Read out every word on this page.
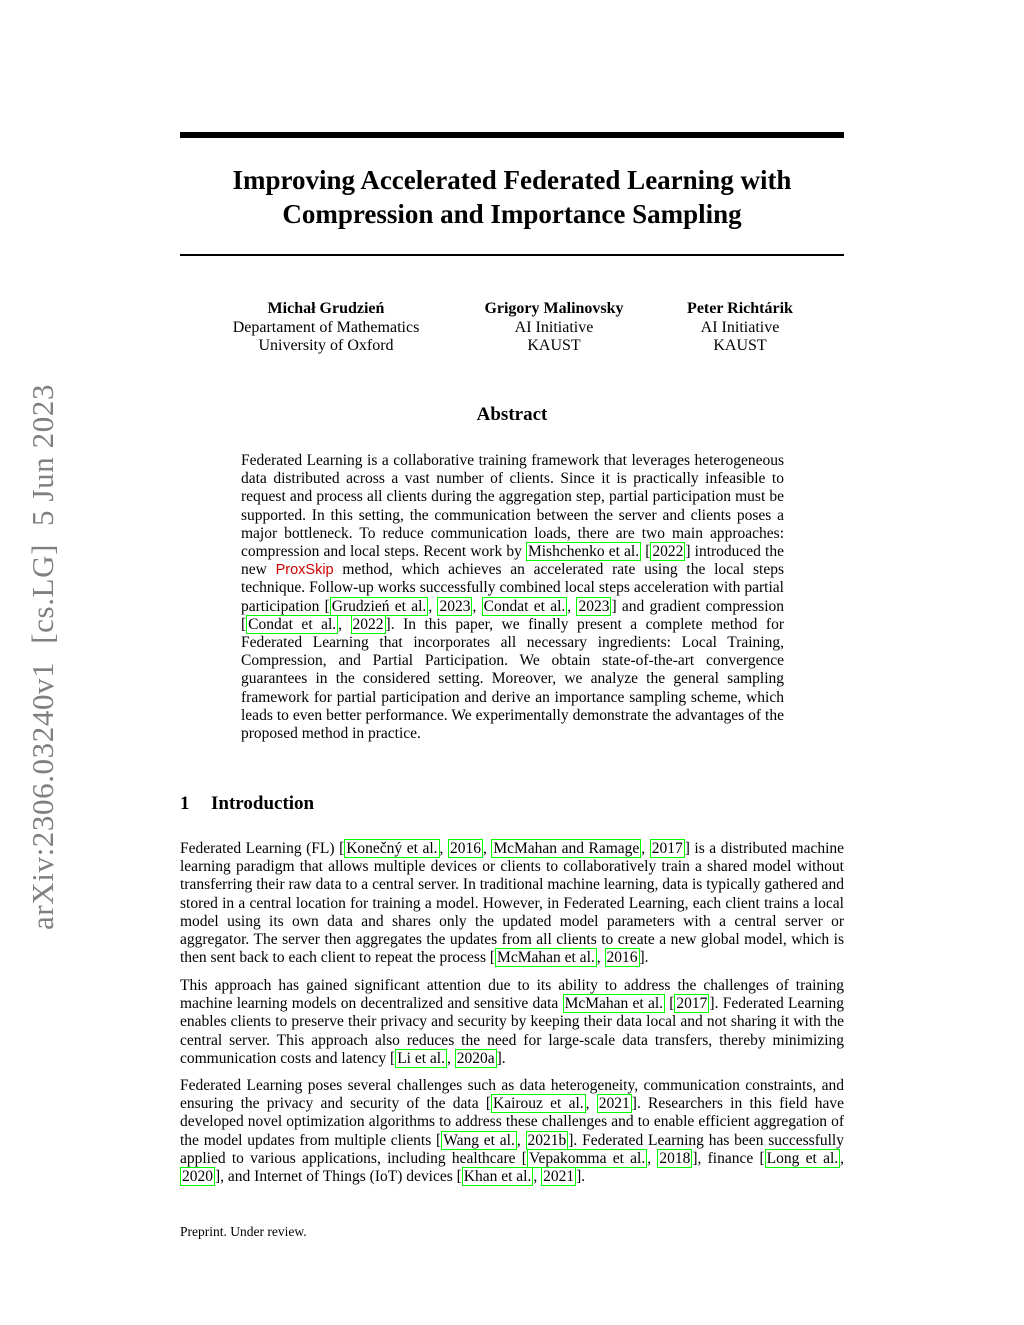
arXiv:2306.03240v1[cs.LG]5 Jun 2023
Improving Accelerated Federated Learning with
Compression and Importance Sampling
Michał Grudzień
Departament of Mathematics
University of Oxford
Grigory Malinovsky
AI Initiative
KAUST
Peter Richtárik
AI Initiative
KAUST
Abstract

Federated Learning is a collaborative training framework that leverages heterogeneous data distributed across a vast number of clients. Since it is practically infeasible to request and process all clients during the aggregation step, partial participation must be supported. In this setting, the communication between the server and clients poses a major bottleneck. To reduce communication loads, there are two main approaches: compression and local steps. Recent work by Mishchenko et al. [ 2022 ] introduced the new ProxSkip method, which achieves an accelerated rate using the local steps technique. Follow-up works successfully combined local steps acceleration with partial participation [ Grudzień et al. , 2023 , Condat et al. , 2023 ] and gradient compression [ Condat et al. , 2022 ]. In this paper, we finally present a complete method for Federated Learning that incorporates all necessary ingredients: Local Training, Compression, and Partial Participation. We obtain state-of-the-art convergence guarantees in the considered setting. Moreover, we analyze the general sampling framework for partial participation and derive an importance sampling scheme, which leads to even better performance. We experimentally demonstrate the advantages of the proposed method in practice.

1 Introduction

Federated Learning (FL) [ Konečný et al. , 2016 , McMahan and Ramage , 2017 ] is a distributed machine learning paradigm that allows multiple devices or clients to collaboratively train a shared model without transferring their raw data to a central server. In traditional machine learning, data is typically gathered and stored in a central location for training a model. However, in Federated Learning, each client trains a local model using its own data and shares only the updated model parameters with a central server or aggregator. The server then aggregates the updates from all clients to create a new global model, which is then sent back to each client to repeat the process [ McMahan et al. , 2016 ].

This approach has gained significant attention due to its ability to address the challenges of training machine learning models on decentralized and sensitive data McMahan et al. [ 2017 ]. Federated Learning enables clients to preserve their privacy and security by keeping their data local and not sharing it with the central server. This approach also reduces the need for large-scale data transfers, thereby minimizing communication costs and latency [ Li et al. , 2020a ].

Federated Learning poses several challenges such as data heterogeneity, communication constraints, and ensuring the privacy and security of the data [ Kairouz et al. , 2021 ]. Researchers in this field have developed novel optimization algorithms to address these challenges and to enable efficient aggregation of the model updates from multiple clients [ Wang et al. , 2021b ]. Federated Learning has been successfully applied to various applications, including healthcare [ Vepakomma et al. , 2018 ], finance [ Long et al. , 2020 ], and Internet of Things (IoT) devices [ Khan et al. , 2021 ].

Preprint. Under review.
